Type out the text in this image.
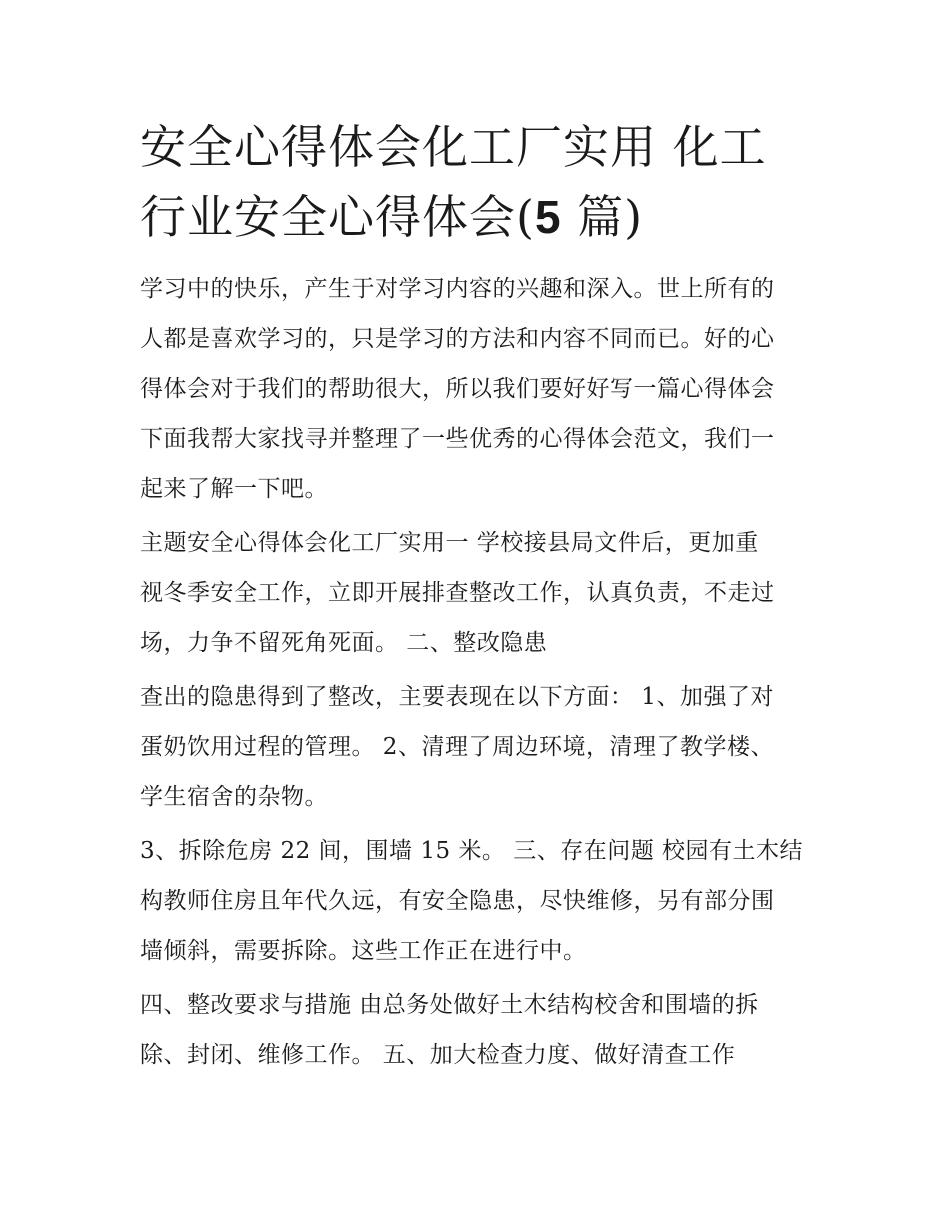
安全心得体会化工厂实用 化工
行业安全心得体会(5 篇)

学习中的快乐，产生于对学习内容的兴趣和深入。世上所有的
人都是喜欢学习的，只是学习的方法和内容不同而已。好的心
得体会对于我们的帮助很大，所以我们要好好写一篇心得体会
下面我帮大家找寻并整理了一些优秀的心得体会范文，我们一
起来了解一下吧。

主题安全心得体会化工厂实用一 学校接县局文件后，更加重
视冬季安全工作，立即开展排查整改工作，认真负责，不走过
场，力争不留死角死面。 二、整改隐患

查出的隐患得到了整改，主要表现在以下方面： 1、加强了对
蛋奶饮用过程的管理。 2、清理了周边环境，清理了教学楼、
学生宿舍的杂物。

3、拆除危房 22 间，围墙 15 米。 三、存在问题 校园有土木结
构教师住房且年代久远，有安全隐患，尽快维修，另有部分围
墙倾斜，需要拆除。这些工作正在进行中。

四、整改要求与措施 由总务处做好土木结构校舍和围墙的拆
除、封闭、维修工作。 五、加大检查力度、做好清查工作
